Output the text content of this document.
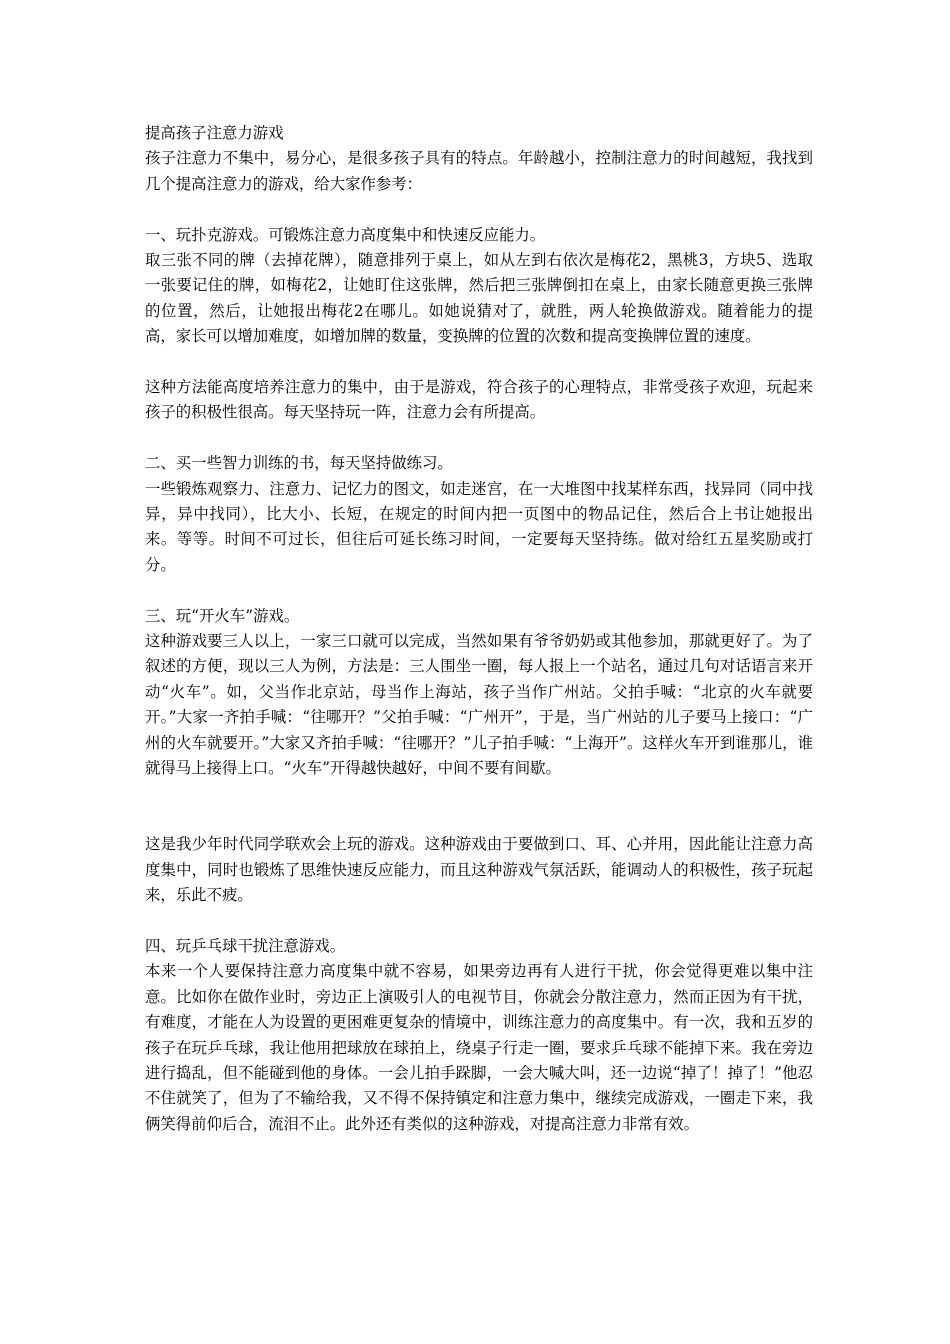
提高孩子注意力游戏

孩子注意力不集中，易分心，是很多孩子具有的特点。年龄越小，控制注意力的时间越短，我找到几个提高注意力的游戏，给大家作参考：

一、玩扑克游戏。可锻炼注意力高度集中和快速反应能力。

取三张不同的牌（去掉花牌），随意排列于桌上，如从左到右依次是梅花2，黑桃3，方块5、选取一张要记住的牌，如梅花2，让她盯住这张牌，然后把三张牌倒扣在桌上，由家长随意更换三张牌的位置，然后，让她报出梅花2在哪儿。如她说猜对了，就胜，两人轮换做游戏。随着能力的提高，家长可以增加难度，如增加牌的数量，变换牌的位置的次数和提高变换牌位置的速度。

这种方法能高度培养注意力的集中，由于是游戏，符合孩子的心理特点，非常受孩子欢迎，玩起来孩子的积极性很高。每天坚持玩一阵，注意力会有所提高。

二、买一些智力训练的书，每天坚持做练习。

一些锻炼观察力、注意力、记忆力的图文，如走迷宫，在一大堆图中找某样东西，找异同（同中找异，异中找同），比大小、长短，在规定的时间内把一页图中的物品记住，然后合上书让她报出来。等等。时间不可过长，但往后可延长练习时间，一定要每天坚持练。做对给红五星奖励或打分。

三、玩“开火车”游戏。

这种游戏要三人以上，一家三口就可以完成，当然如果有爷爷奶奶或其他参加，那就更好了。为了叙述的方便，现以三人为例，方法是：三人围坐一圈，每人报上一个站名，通过几句对话语言来开动“火车”。如，父当作北京站，母当作上海站，孩子当作广州站。父拍手喊：“北京的火车就要开。”大家一齐拍手喊：“往哪开？”父拍手喊：“广州开”，于是，当广州站的儿子要马上接口：“广州的火车就要开。”大家又齐拍手喊：“往哪开？”儿子拍手喊：“上海开”。这样火车开到谁那儿，谁就得马上接得上口。“火车”开得越快越好，中间不要有间歇。

这是我少年时代同学联欢会上玩的游戏。这种游戏由于要做到口、耳、心并用，因此能让注意力高度集中，同时也锻炼了思维快速反应能力，而且这种游戏气氛活跃，能调动人的积极性，孩子玩起来，乐此不疲。

四、玩乒乓球干扰注意游戏。

本来一个人要保持注意力高度集中就不容易，如果旁边再有人进行干扰，你会觉得更难以集中注意。比如你在做作业时，旁边正上演吸引人的电视节目，你就会分散注意力，然而正因为有干扰，有难度，才能在人为设置的更困难更复杂的情境中，训练注意力的高度集中。有一次，我和五岁的孩子在玩乒乓球，我让他用把球放在球拍上，绕桌子行走一圈，要求乒乓球不能掉下来。我在旁边进行捣乱，但不能碰到他的身体。一会儿拍手跺脚，一会大喊大叫，还一边说“掉了！掉了！”他忍不住就笑了，但为了不输给我，又不得不保持镇定和注意力集中，继续完成游戏，一圈走下来，我俩笑得前仰后合，流泪不止。此外还有类似的这种游戏，对提高注意力非常有效。
